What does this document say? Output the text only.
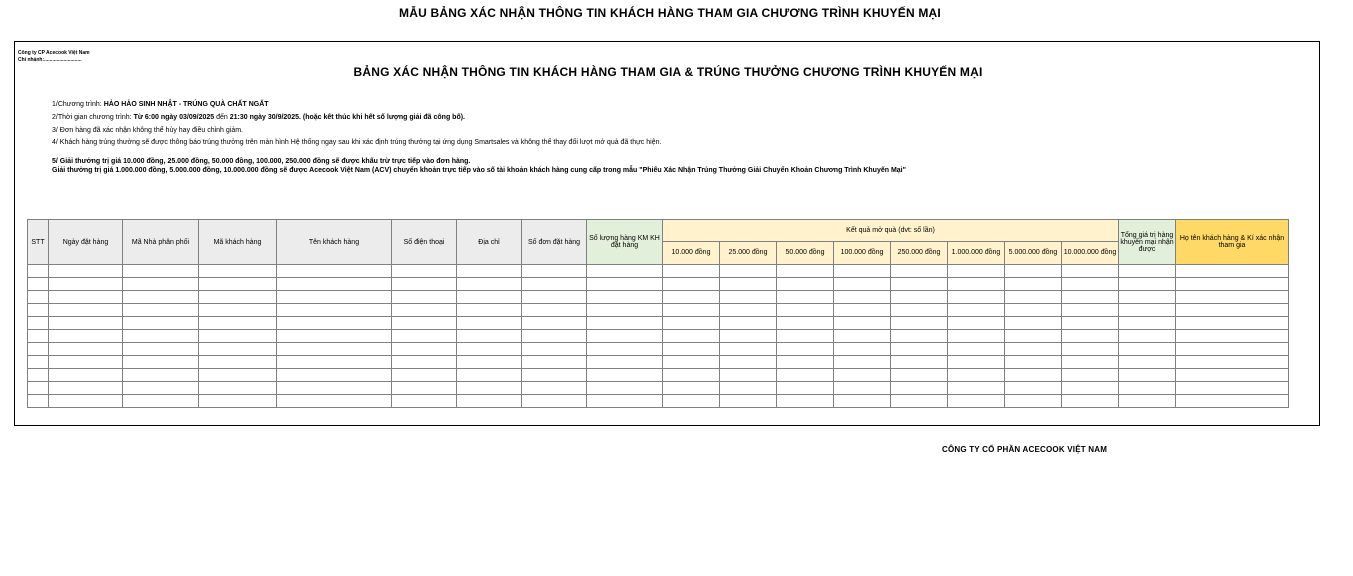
MẪU BẢNG XÁC NHẬN THÔNG TIN KHÁCH HÀNG THAM GIA CHƯƠNG TRÌNH KHUYẾN MẠI
Công ty CP Acecook Việt Nam
Chi nhánh:...........................
BẢNG XÁC NHẬN THÔNG TIN KHÁCH HÀNG THAM GIA & TRÚNG THƯỞNG CHƯƠNG TRÌNH KHUYẾN MẠI
1/Chương trình: HẢO HẢO SINH NHẬT - TRÚNG QUÀ CHẤT NGẤT
2/Thời gian chương trình: Từ 6:00 ngày 03/09/2025 đến 21:30 ngày 30/9/2025. (hoặc kết thúc khi hết số lượng giải đã công bố).
3/ Đơn hàng đã xác nhận không thể hủy hay điều chỉnh giảm.
4/ Khách hàng trúng thưởng sẽ được thông báo trúng thưởng trên màn hình Hệ thống ngay sau khi xác định trúng thưởng tại ứng dụng Smartsales và không thể thay đổi lượt mở quà đã thực hiện.
5/ Giải thưởng trị giá 10.000 đồng, 25.000 đồng, 50.000 đồng, 100.000, 250.000 đồng sẽ được khấu trừ trực tiếp vào đơn hàng.
Giải thưởng trị giá 1.000.000 đồng, 5.000.000 đồng, 10.000.000 đồng sẽ được Acecook Việt Nam (ACV) chuyển khoản trực tiếp vào số tài khoản khách hàng cung cấp trong mẫu "Phiếu Xác Nhận Trúng Thưởng Giải Chuyển Khoản Chương Trình Khuyến Mại"
STT	Ngày đặt hàng	Mã Nhà phân phối	Mã khách hàng	Tên khách hàng	Số điện thoại	Địa chỉ	Số đơn đặt hàng	Số lượng hàng KM KH đặt hàng	Kết quả mở quà (dvt: số lần)								Tổng giá trị hàng khuyến mại nhận được	Họ tên khách hàng & Kí xác nhận tham gia
									10.000 đồng	25.000 đồng	50.000 đồng	100.000 đồng	250.000 đồng	1.000.000 đồng	5.000.000 đồng	10.000.000 đồng		

CÔNG TY CỔ PHẦN ACECOOK VIỆT NAM
